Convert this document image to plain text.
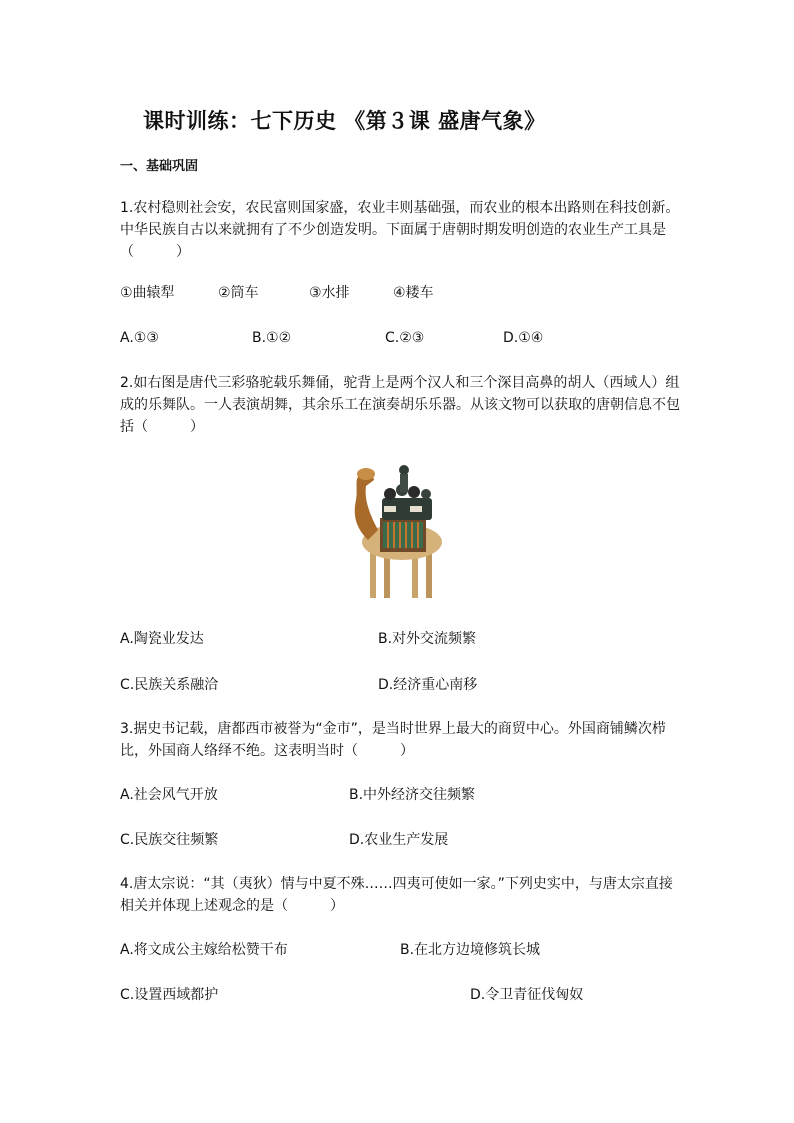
课时训练：七下历史 《第３课 盛唐气象》
一、基础巩固

1.农村稳则社会安，农民富则国家盛，农业丰则基础强，而农业的根本出路则在科技创新。中华民族自古以来就拥有了不少创造发明。下面属于唐朝时期发明创造的农业生产工具是（　　　）

①曲辕犁	②筒车	③水排	④耧车
A.①③	B.①②	C.②③	D.①④

2.如右图是唐代三彩骆驼载乐舞俑，驼背上是两个汉人和三个深目高鼻的胡人（西域人）组成的乐舞队。一人表演胡舞，其余乐工在演奏胡乐乐器。从该文物可以获取的唐朝信息不包括（　　　）

A.陶瓷业发达	B.对外交流频繁
C.民族关系融洽	D.经济重心南移

3.据史书记载，唐都西市被誉为“金市”，是当时世界上最大的商贸中心。外国商铺鳞次栉比，外国商人络绎不绝。这表明当时（　　　）

A.社会风气开放	B.中外经济交往频繁
C.民族交往频繁	D.农业生产发展

4.唐太宗说：“其（夷狄）情与中夏不殊……四夷可使如一家。”下列史实中，与唐太宗直接相关并体现上述观念的是（　　　）

A.将文成公主嫁给松赞干布	B.在北方边境修筑长城
C.设置西域都护	D.令卫青征伐匈奴
